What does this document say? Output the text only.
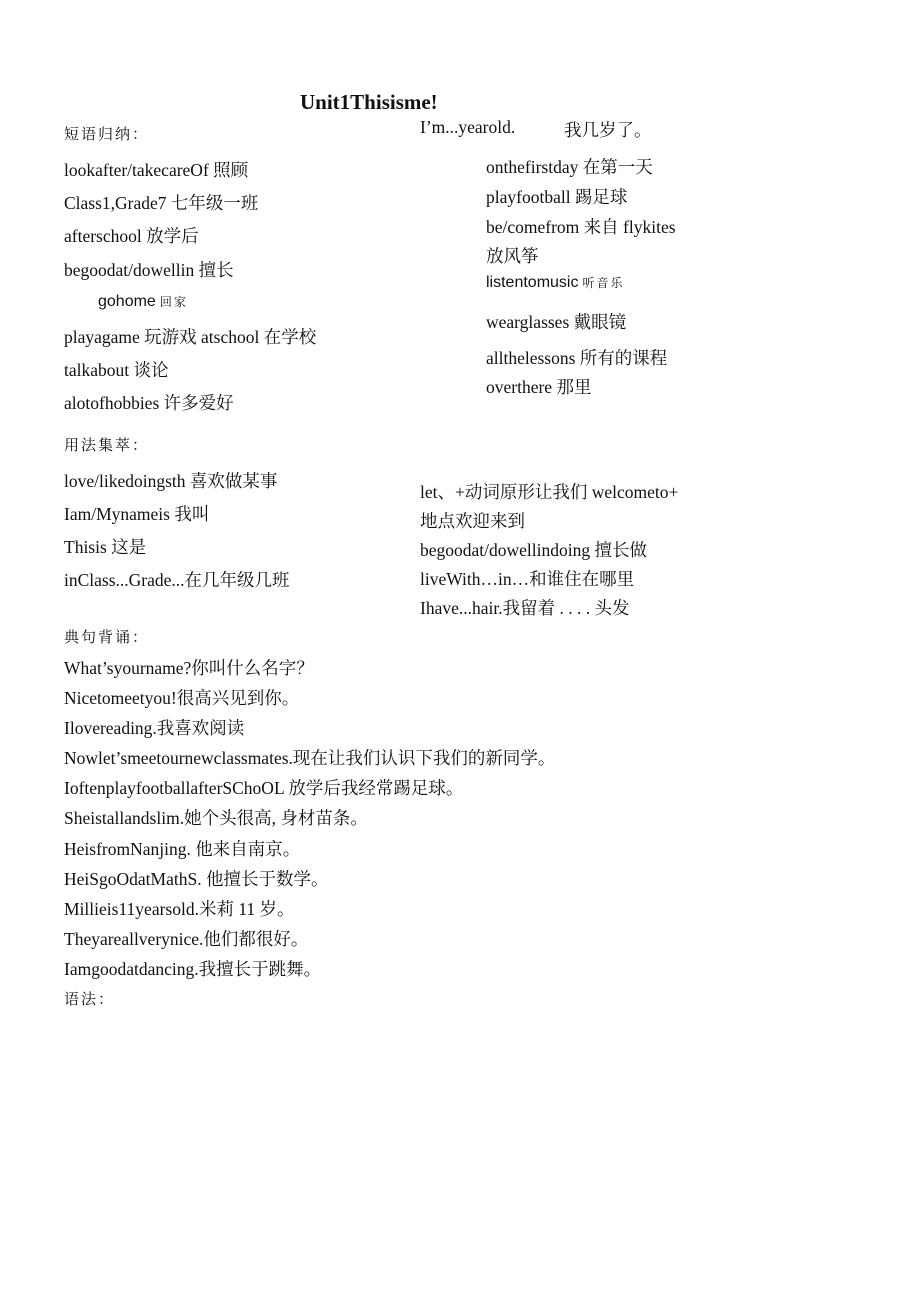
Unit1Thisisme!
短语归纳：
lookafter/takecareOf 照顾
Class1,Grade7 七年级一班
afterschool 放学后
begoodat/dowellin 擅长
gohome 回家
playagame 玩游戏 atschool 在学校
talkabout 谈论
alotofhobbies 许多爱好
I’m...yearold.	我几岁了。
onthefirstday 在第一天
playfootball 踢足球
be/comefrom 来自 flykites
放风筝
listentomusic 听音乐
wearglasses 戴眼镜
allthelessons 所有的课程
overthere 那里
用法集萃：
love/likedoingsth 喜欢做某事
Iam/Mynameis 我叫
Thisis 这是
inClass...Grade...在几年级几班
let、+动词原形让我们 welcometo+
地点欢迎来到
begoodat/dowellindoing 擅长做
liveWith…in…和谁住在哪里
Ihave...hair.我留着 . . . . 头发
典句背诵：
What’syourname?你叫什么名字？
Nicetomeetyou!很高兴见到你。
Ilovereading.我喜欢阅读
Nowlet’smeetournewclassmates.现在让我们认识下我们的新同学。
IoftenplayfootballafterSChoOL 放学后我经常踢足球。
Sheistallandslim.她个头很高, 身材苗条。
HeisfromNanjing. 他来自南京。
HeiSgoOdatMathS. 他擅长于数学。
Millieis11yearsold.米莉 11 岁。
Theyareallverynice.他们都很好。
Iamgoodatdancing.我擅长于跳舞。
语法：
